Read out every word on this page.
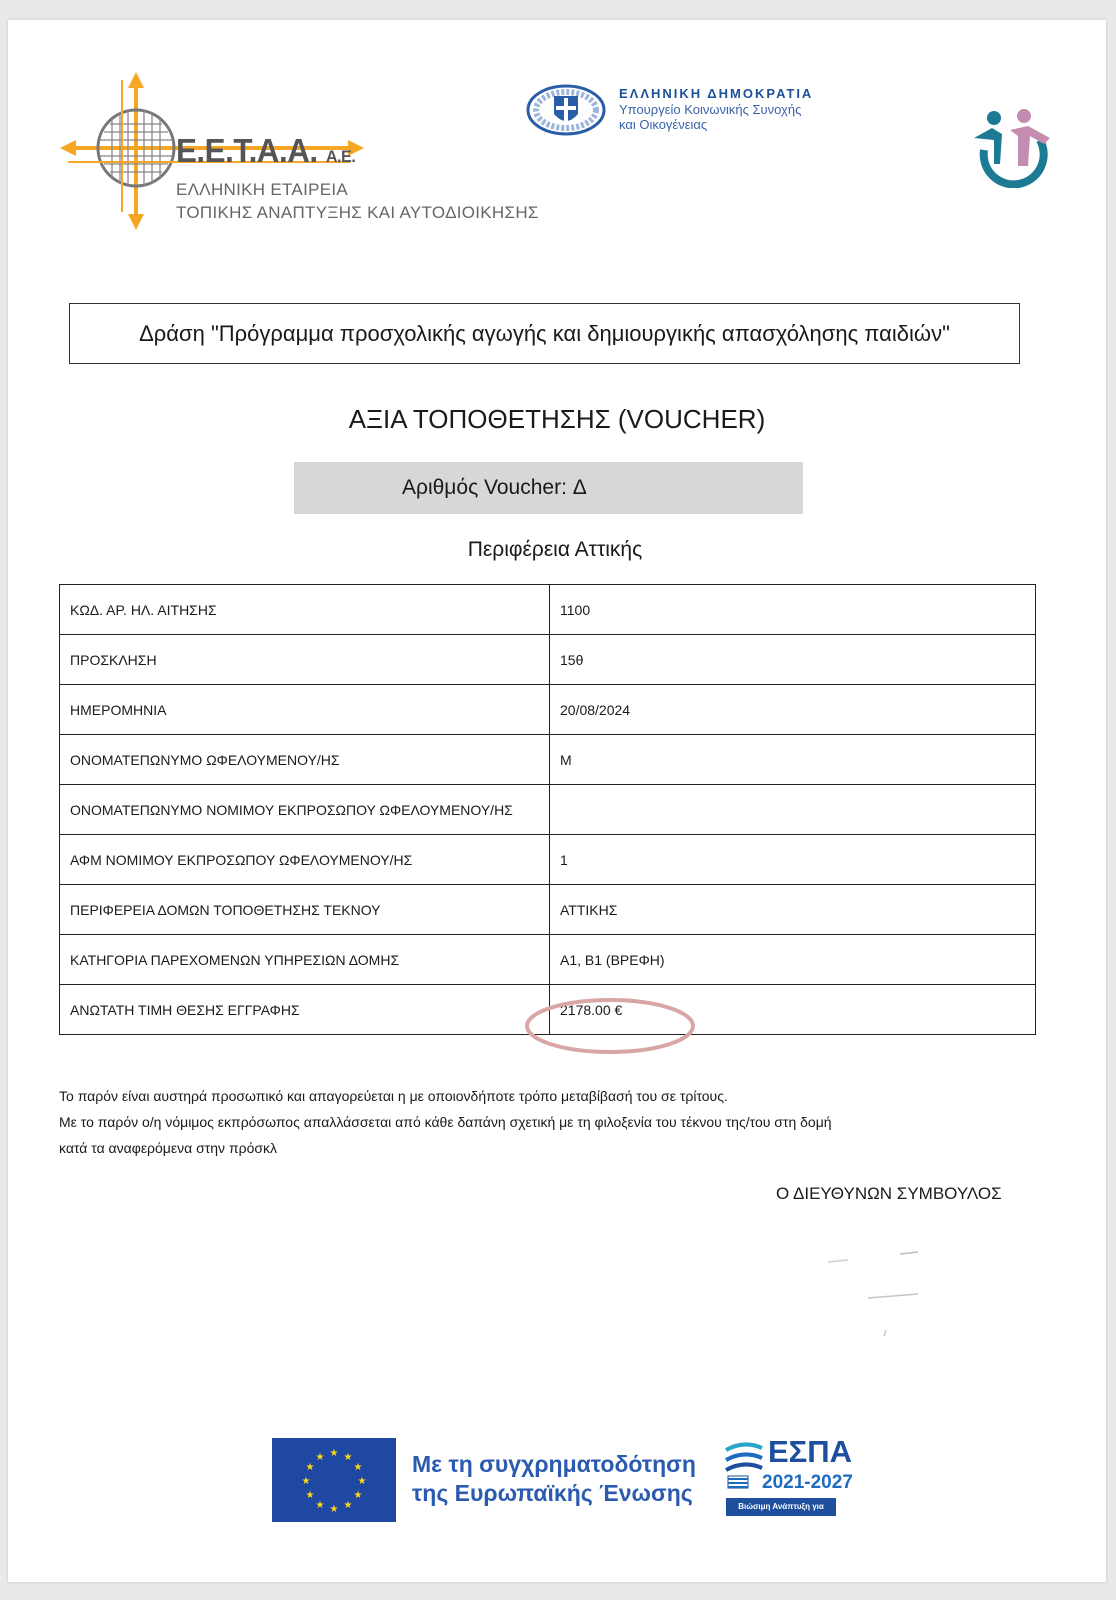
Ε.Ε.Τ.Α.Α. Α.Ε.
ΕΛΛΗΝΙΚΗ ΕΤΑΙΡΕΙΑ
ΤΟΠΙΚΗΣ ΑΝΑΠΤΥΞΗΣ ΚΑΙ ΑΥΤΟΔΙΟΙΚΗΣΗΣ
ΕΛΛΗΝΙΚΗ ΔΗΜΟΚΡΑΤΙΑ
Υπουργείο Κοινωνικής Συνοχής
και Οικογένειας
Δράση "Πρόγραμμα προσχολικής αγωγής και δημιουργικής απασχόλησης παιδιών"
ΑΞΙΑ ΤΟΠΟΘΕΤΗΣΗΣ (VOUCHER)
Αριθμός Voucher: Δ
Περιφέρεια Αττικής
ΚΩΔ. ΑΡ. ΗΛ. ΑΙΤΗΣΗΣ	1100
ΠΡΟΣΚΛΗΣΗ	15θ
ΗΜΕΡΟΜΗΝΙΑ	20/08/2024
ΟΝΟΜΑΤΕΠΩΝΥΜΟ ΩΦΕΛΟΥΜΕΝΟΥ/ΗΣ	Μ
ΟΝΟΜΑΤΕΠΩΝΥΜΟ ΝΟΜΙΜΟΥ ΕΚΠΡΟΣΩΠΟΥ ΩΦΕΛΟΥΜΕΝΟΥ/ΗΣ	
ΑΦΜ ΝΟΜΙΜΟΥ ΕΚΠΡΟΣΩΠΟΥ ΩΦΕΛΟΥΜΕΝΟΥ/ΗΣ	1
ΠΕΡΙΦΕΡΕΙΑ ΔΟΜΩΝ ΤΟΠΟΘΕΤΗΣΗΣ ΤΕΚΝΟΥ	ΑΤΤΙΚΗΣ
ΚΑΤΗΓΟΡΙΑ ΠΑΡΕΧΟΜΕΝΩΝ ΥΠΗΡΕΣΙΩΝ ΔΟΜΗΣ	Α1, Β1 (ΒΡΕΦΗ)
ΑΝΩΤΑΤΗ ΤΙΜΗ ΘΕΣΗΣ ΕΓΓΡΑΦΗΣ	2178.00 €
Το παρόν είναι αυστηρά προσωπικό και απαγορεύεται η με οποιονδήποτε τρόπο μεταβίβασή του σε τρίτους.
Με το παρόν ο/η νόμιμος εκπρόσωπος απαλλάσσεται από κάθε δαπάνη σχετική με τη φιλοξενία του τέκνου της/του στη δομή
κατά τα αναφερόμενα στην πρόσκλ
Ο ΔΙΕΥΘΥΝΩΝ ΣΥΜΒΟΥΛΟΣ
★ ★
★
★
★
★
★
★
★
★
★
★	Με τη συγχρηματοδότηση
της Ευρωπαϊκής Ένωσης
ΕΣΠΑ
2021-2027
Βιώσιμη Ανάπτυξη για Όλους
